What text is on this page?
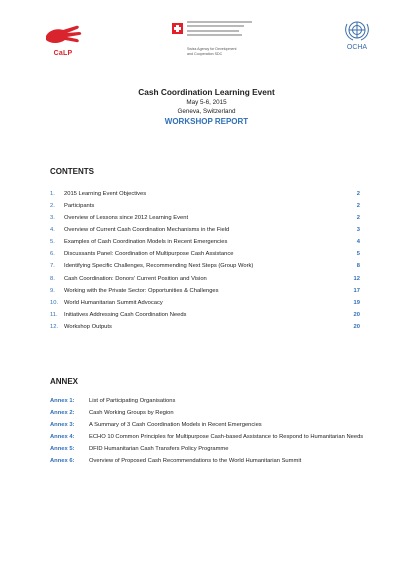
CaLP
Swiss Agency for Development
and Cooperation SDC
OCHA
Cash Coordination Learning Event
May 5-6, 2015
Geneva, Switzerland
WORKSHOP REPORT
CONTENTS
1. 2015 Learning Event Objectives	2
2. Participants	2
3. Overview of Lessons since 2012 Learning Event	2
4. Overview of Current Cash Coordination Mechanisms in the Field	3
5. Examples of Cash Coordination Models in Recent Emergencies	4
6. Discussants Panel: Coordination of Multipurpose Cash Assistance	5
7. Identifying Specific Challenges, Recommending Next Steps (Group Work)	8
8. Cash Coordination: Donors' Current Position and Vision	12
9. Working with the Private Sector: Opportunities & Challenges	17
10. World Humanitarian Summit Advocacy	19
11. Initiatives Addressing Cash Coordination Needs	20
12. Workshop Outputs	20
ANNEX
Annex 1:	List of Participating Organisations
Annex 2:	Cash Working Groups by Region
Annex 3:	A Summary of 3 Cash Coordination Models in Recent Emergencies
Annex 4:	ECHO 10 Common Principles for Multipurpose Cash-based Assistance to Respond to Humanitarian Needs
Annex 5:	DFID Humanitarian Cash Transfers Policy Programme
Annex 6:	Overview of Proposed Cash Recommendations to the World Humanitarian Summit
